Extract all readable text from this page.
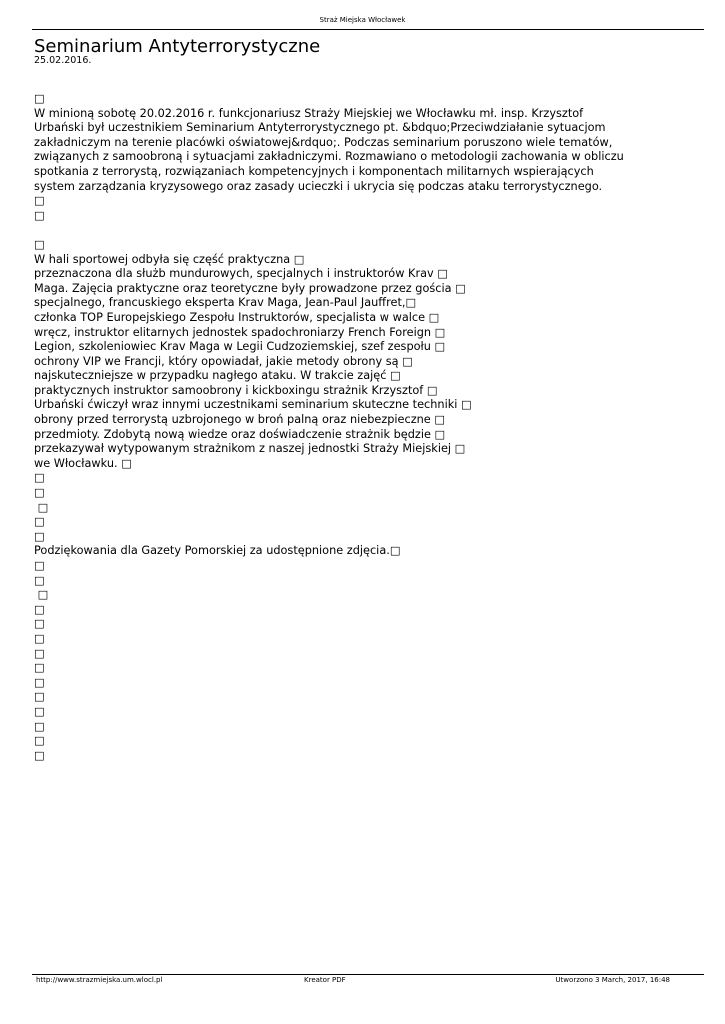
Straż Miejska Włocławek
Seminarium Antyterrorystyczne
25.02.2016.
□
W minioną sobotę 20.02.2016 r. funkcjonariusz Straży Miejskiej we Włocławku mł. insp. Krzysztof
Urbański był uczestnikiem Seminarium Antyterrorystycznego pt. &bdquo;Przeciwdziałanie sytuacjom
zakładniczym na terenie placówki oświatowej&rdquo;. Podczas seminarium poruszono wiele tematów,
związanych z samoobroną i sytuacjami zakładniczymi. Rozmawiano o metodologii zachowania w obliczu
spotkania z terrorystą, rozwiązaniach kompetencyjnych i komponentach militarnych wspierających
system zarządzania kryzysowego oraz zasady ucieczki i ukrycia się podczas ataku terrorystycznego.
□
□
□
W hali sportowej odbyła się część praktyczna □
przeznaczona dla służb mundurowych, specjalnych i instruktorów Krav □
Maga. Zajęcia praktyczne oraz teoretyczne były prowadzone przez gościa □
specjalnego, francuskiego eksperta Krav Maga, Jean-Paul Jauffret,□
członka TOP Europejskiego Zespołu Instruktorów, specjalista w walce □
wręcz, instruktor elitarnych jednostek spadochroniarzy French Foreign □
Legion, szkoleniowiec Krav Maga w Legii Cudzoziemskiej, szef zespołu □
ochrony VIP we Francji, który opowiadał, jakie metody obrony są □
najskuteczniejsze w przypadku nagłego ataku. W trakcie zajęć □
praktycznych instruktor samoobrony i kickboxingu strażnik Krzysztof □
Urbański ćwiczył wraz innymi uczestnikami seminarium skuteczne techniki □
obrony przed terrorystą uzbrojonego w broń palną oraz niebezpieczne □
przedmioty. Zdobytą nową wiedze oraz doświadczenie strażnik będzie □
przekazywał wytypowanym strażnikom z naszej jednostki Straży Miejskiej □
we Włocławku. □
□
□
□
□
□
Podziękowania dla Gazety Pomorskiej za udostępnione zdjęcia.□
□
□
□
□
□
□
□
□
□
□
□
□
□
□
http://www.strazmiejska.um.wlocl.pl	Kreator PDF	Utworzono 3 March, 2017, 16:48
